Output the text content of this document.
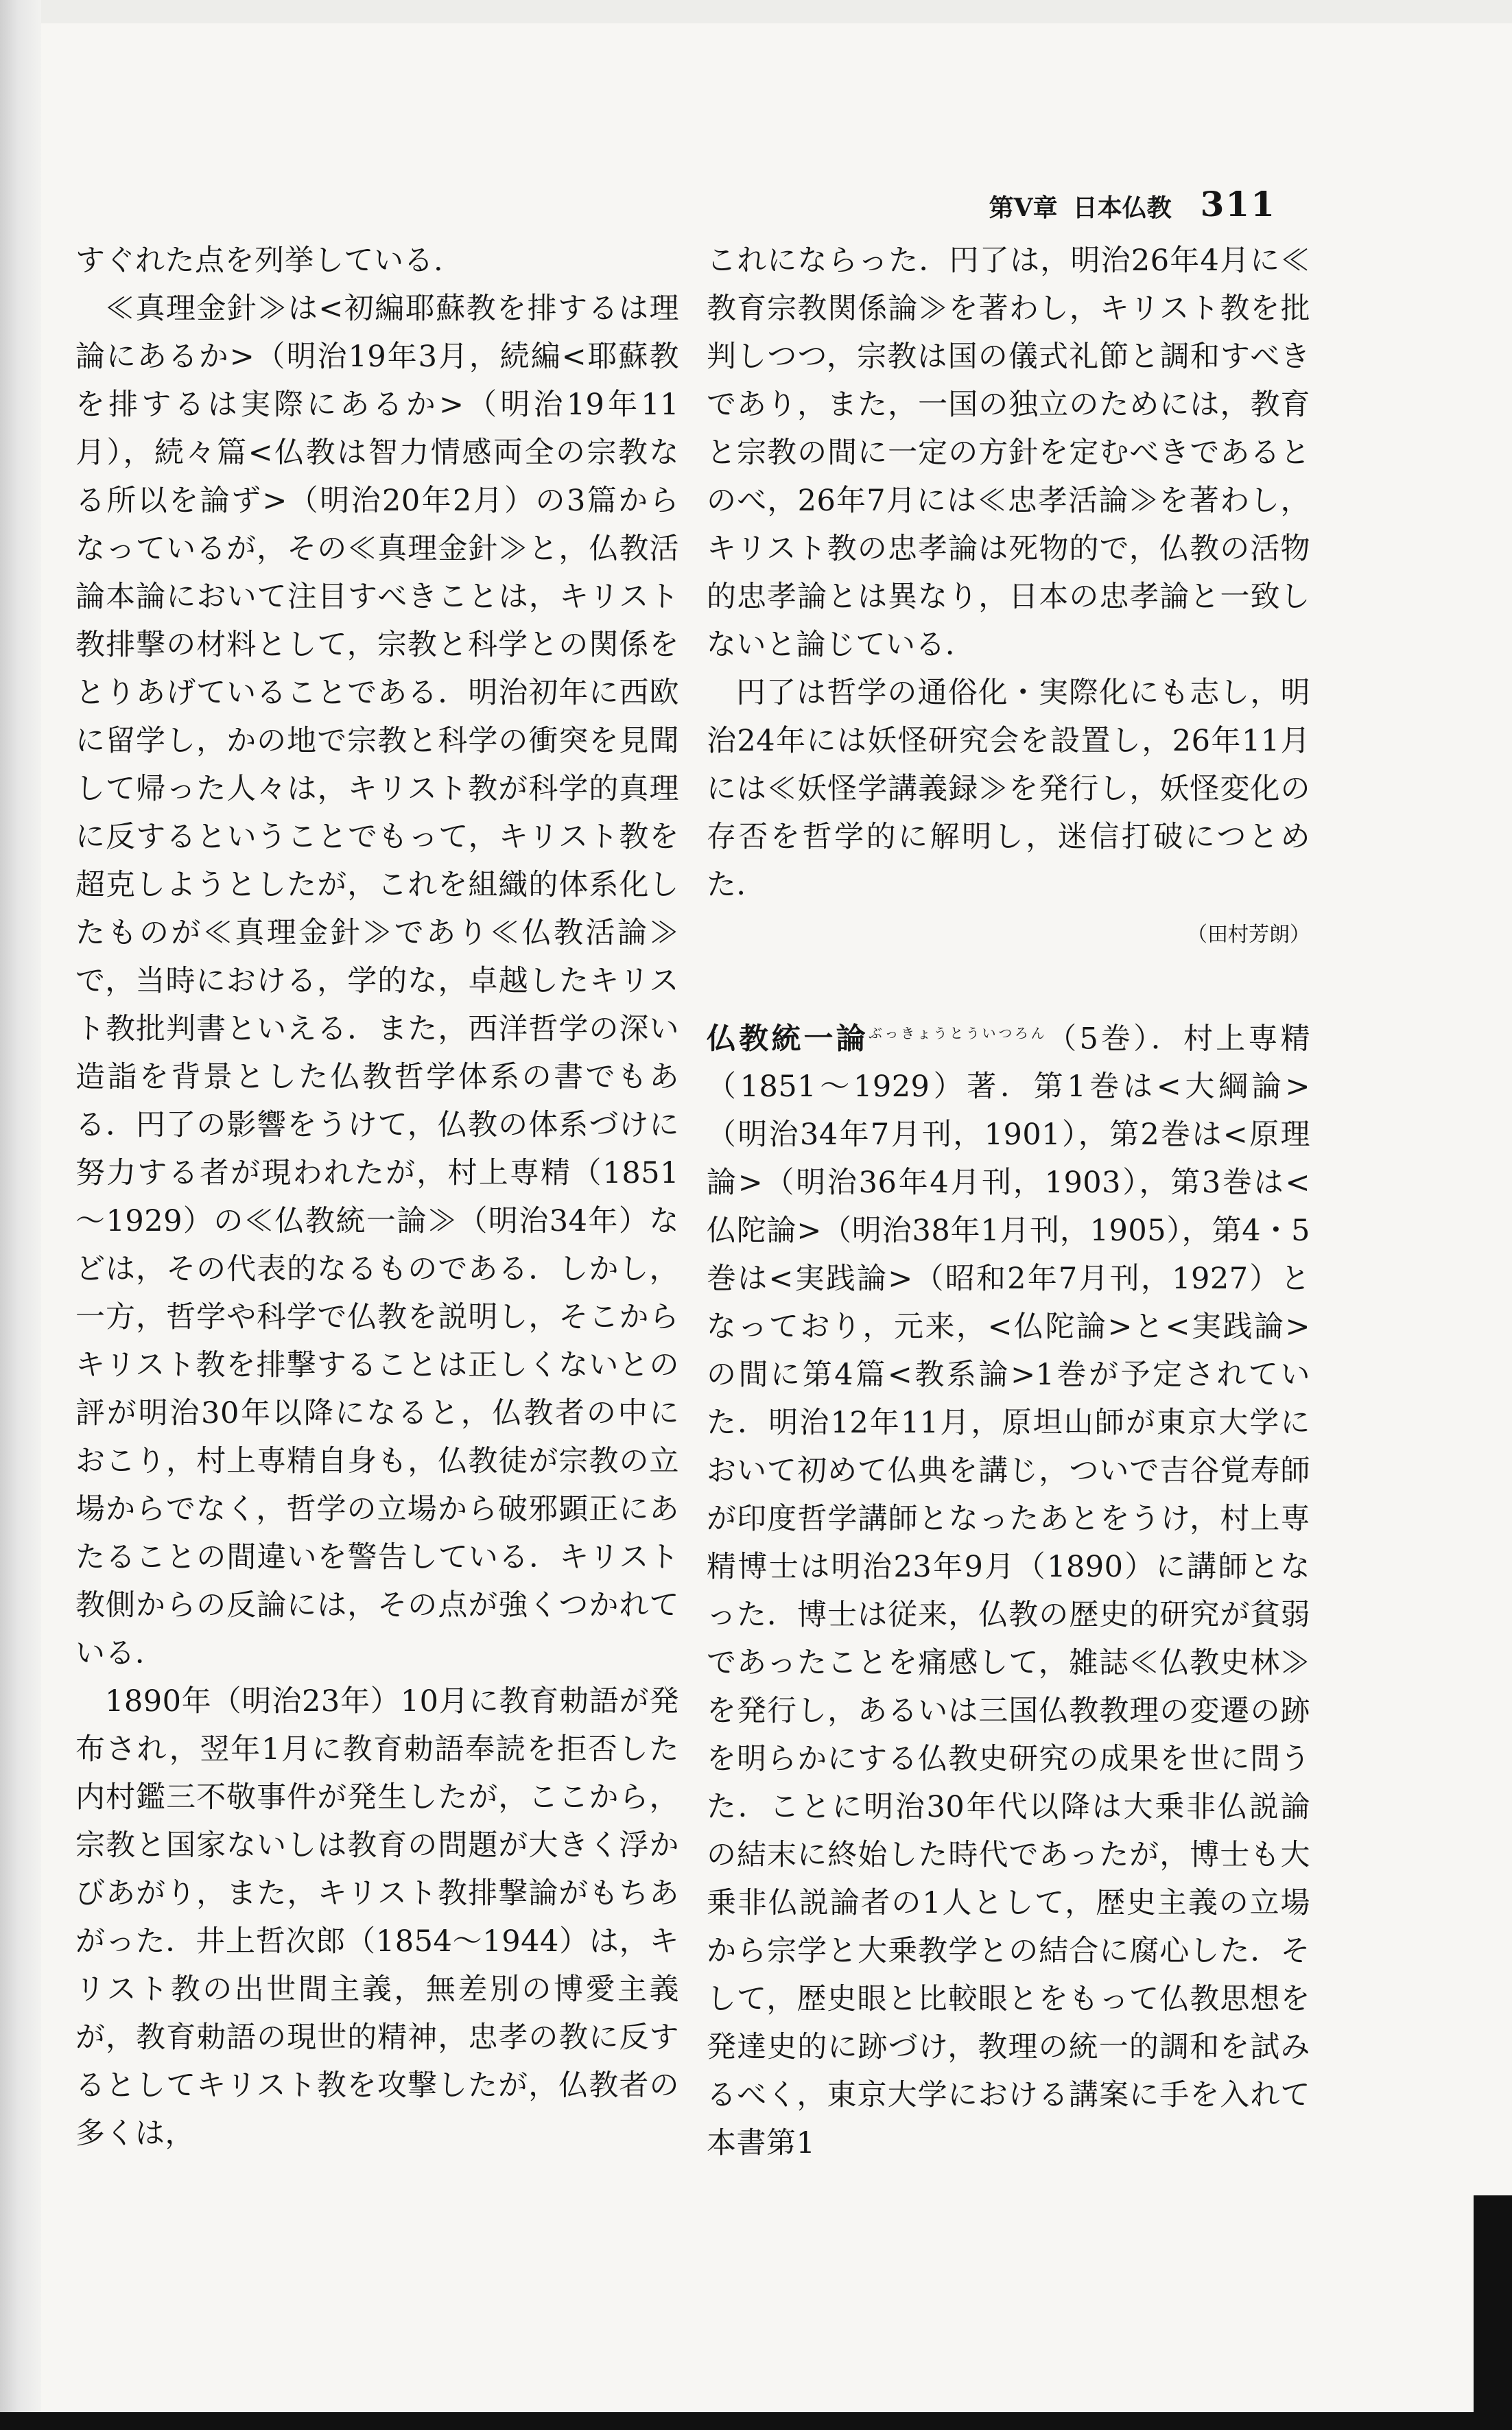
第V章 日本仏教 311

すぐれた点を列挙している.

≪真理金針≫は<初編耶蘇教を排するは理論にあるか>（明治19年3月，続編<耶蘇教を排するは実際にあるか>（明治19年11月），続々篇<仏教は智力情感両全の宗教なる所以を論ず>（明治20年2月）の3篇からなっているが，その≪真理金針≫と，仏教活論本論において注目すべきことは，キリスト教排撃の材料として，宗教と科学との関係をとりあげていることである．明治初年に西欧に留学し，かの地で宗教と科学の衝突を見聞して帰った人々は，キリスト教が科学的真理に反するということでもって，キリスト教を超克しようとしたが，これを組織的体系化したものが≪真理金針≫であり≪仏教活論≫で，当時における，学的な，卓越したキリスト教批判書といえる．また，西洋哲学の深い造詣を背景とした仏教哲学体系の書でもある．円了の影響をうけて，仏教の体系づけに努力する者が現われたが，村上専精（1851～1929）の≪仏教統一論≫（明治34年）などは，その代表的なるものである．しかし，一方，哲学や科学で仏教を説明し，そこからキリスト教を排撃することは正しくないとの評が明治30年以降になると，仏教者の中におこり，村上専精自身も，仏教徒が宗教の立場からでなく，哲学の立場から破邪顕正にあたることの間違いを警告している．キリスト教側からの反論には，その点が強くつかれている．

1890年（明治23年）10月に教育勅語が発布され，翌年1月に教育勅語奉読を拒否した内村鑑三不敬事件が発生したが，ここから，宗教と国家ないしは教育の問題が大きく浮かびあがり，また，キリスト教排撃論がもちあがった．井上哲次郎（1854～1944）は，キリスト教の出世間主義，無差別の博愛主義が，教育勅語の現世的精神，忠孝の教に反するとしてキリスト教を攻撃したが，仏教者の多くは，

これにならった．円了は，明治26年4月に≪教育宗教関係論≫を著わし，キリスト教を批判しつつ，宗教は国の儀式礼節と調和すべきであり，また，一国の独立のためには，教育と宗教の間に一定の方針を定むべきであるとのべ，26年7月には≪忠孝活論≫を著わし，キリスト教の忠孝論は死物的で，仏教の活物的忠孝論とは異なり，日本の忠孝論と一致しないと論じている．

円了は哲学の通俗化・実際化にも志し，明治24年には妖怪研究会を設置し，26年11月には≪妖怪学講義録≫を発行し，妖怪変化の存否を哲学的に解明し，迷信打破につとめた．

（田村芳朗）

仏教統一論$^{ぶっきょうとういつろん}$（5巻）．村上専精（1851～1929）著．第1巻は<大綱論>（明治34年7月刊，1901），第2巻は<原理論>（明治36年4月刊，1903），第3巻は<仏陀論>（明治38年1月刊，1905），第4・5巻は<実践論>（昭和2年7月刊，1927）となっており，元来，<仏陀論>と<実践論>の間に第4篇<教系論>1巻が予定されていた．明治12年11月，原坦山師が東京大学において初めて仏典を講じ，ついで吉谷覚寿師が印度哲学講師となったあとをうけ，村上専精博士は明治23年9月（1890）に講師となった．博士は従来，仏教の歴史的研究が貧弱であったことを痛感して，雑誌≪仏教史林≫を発行し，あるいは三国仏教教理の変遷の跡を明らかにする仏教史研究の成果を世に問うた．ことに明治30年代以降は大乗非仏説論の結末に終始した時代であったが，博士も大乗非仏説論者の1人として，歴史主義の立場から宗学と大乗教学との結合に腐心した．そして，歴史眼と比較眼とをもって仏教思想を発達史的に跡づけ，教理の統一的調和を試みるべく，東京大学における講案に手を入れて本書第1
